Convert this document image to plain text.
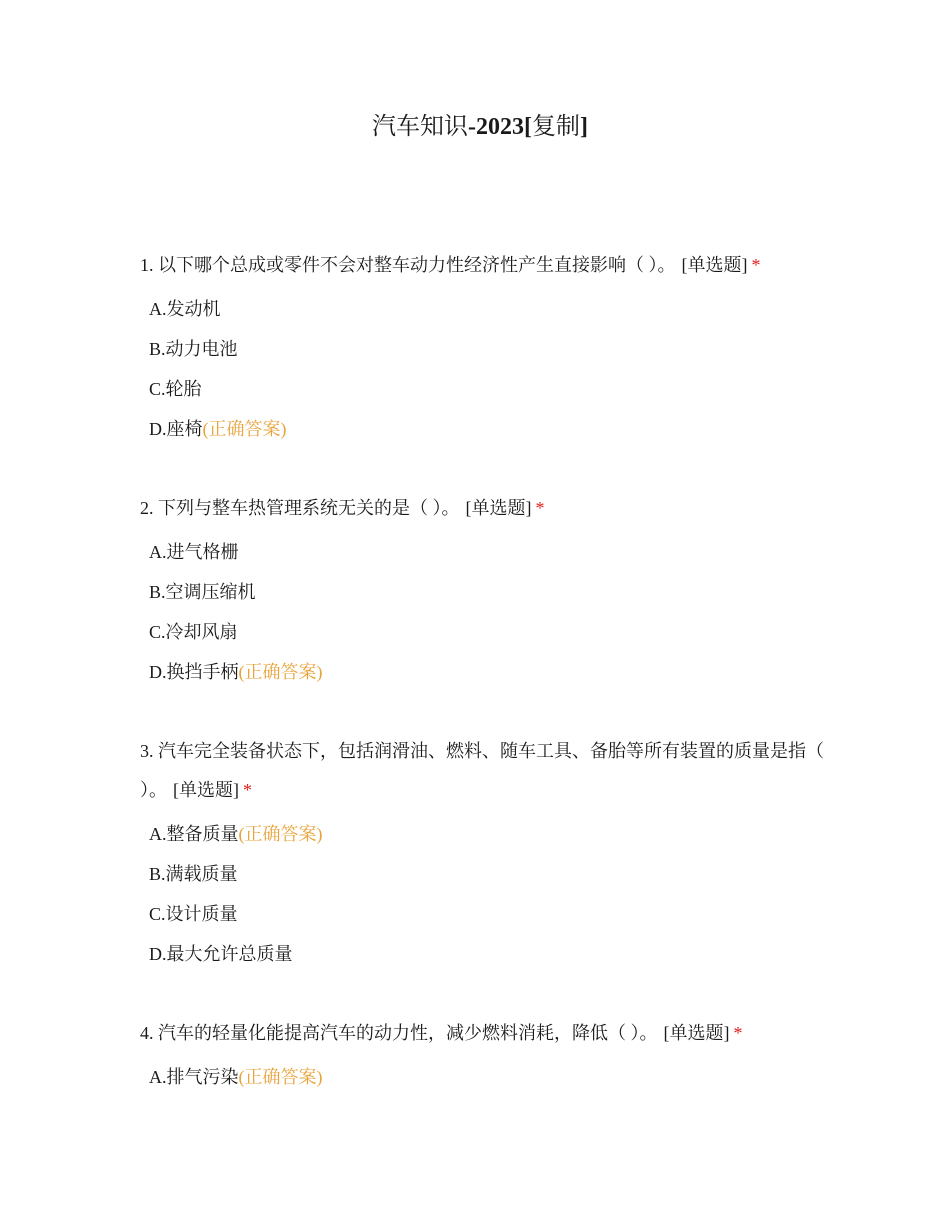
汽车知识-2023[复制]

1. 以下哪个总成或零件不会对整车动力性经济性产生直接影响（ ）。 [单选题] *

A.发动机
B.动力电池
C.轮胎
D.座椅(正确答案)

2. 下列与整车热管理系统无关的是（ ）。 [单选题] *

A.进气格栅
B.空调压缩机
C.冷却风扇
D.换挡手柄(正确答案)

3. 汽车完全装备状态下，包括润滑油、燃料、随车工具、备胎等所有装置的质量是指（ ）。 [单选题] *

A.整备质量(正确答案)
B.满载质量
C.设计质量
D.最大允许总质量

4. 汽车的轻量化能提高汽车的动力性，减少燃料消耗，降低（ ）。 [单选题] *

A.排气污染(正确答案)
